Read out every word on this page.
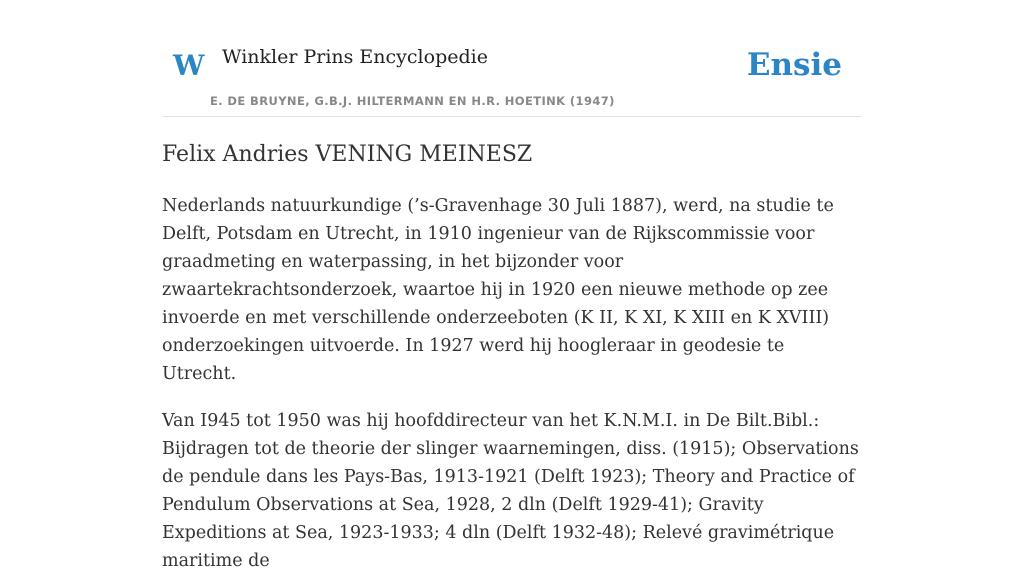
W Winkler Prins Encyclopedie
E. DE BRUYNE, G.B.J. HILTERMANN EN H.R. HOETINK (1947)
Ensie
Felix Andries VENING MEINESZ

Nederlands natuurkundige (’s-Gravenhage 30 Juli 1887), werd, na studie te Delft, Potsdam en Utrecht, in 1910 ingenieur van de Rijkscommissie voor graadmeting en waterpassing, in het bijzonder voor zwaartekrachtsonderzoek, waartoe hij in 1920 een nieuwe methode op zee invoerde en met verschillende onderzeeboten (K II, K XI, K XIII en K XVIII) onderzoekingen uitvoerde. In 1927 werd hij hoogleraar in geodesie te Utrecht.

Van I945 tot 1950 was hij hoofddirecteur van het K.N.M.I. in De Bilt.Bibl.: Bijdragen tot de theorie der slinger waarnemingen, diss. (1915); Observations de pendule dans les Pays-Bas, 1913-1921 (Delft 1923); Theory and Practice of Pendulum Observations at Sea, 1928, 2 dln (Delft 1929-41); Gravity Expeditions at Sea, 1923-1933; 4 dln (Delft 1932-48); Relevé gravimétrique maritime de
